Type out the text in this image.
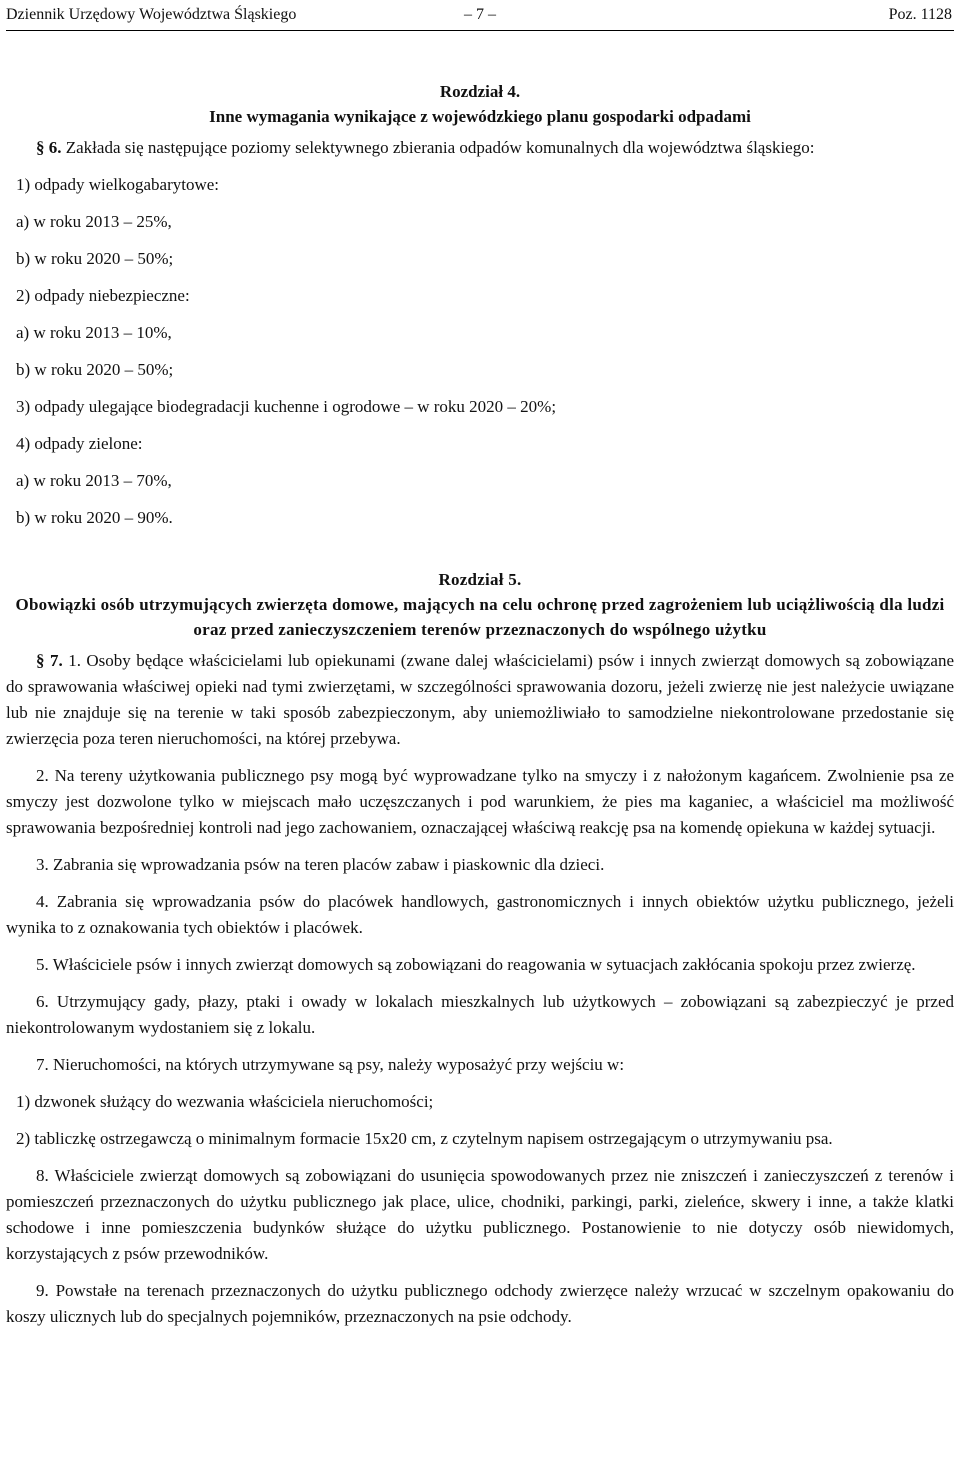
Dziennik Urzędowy Województwa Śląskiego	– 7 –	Poz. 1128
Rozdział 4.
Inne wymagania wynikające z wojewódzkiego planu gospodarki odpadami

§ 6. Zakłada się następujące poziomy selektywnego zbierania odpadów komunalnych dla województwa śląskiego:

1) odpady wielkogabarytowe:
a) w roku 2013 – 25%,
b) w roku 2020 – 50%;
2) odpady niebezpieczne:
a) w roku 2013 – 10%,
b) w roku 2020 – 50%;
3) odpady ulegające biodegradacji kuchenne i ogrodowe – w roku 2020 – 20%;
4) odpady zielone:
a) w roku 2013 – 70%,
b) w roku 2020 – 90%.
Rozdział 5.
Obowiązki osób utrzymujących zwierzęta domowe, mających na celu ochronę przed zagrożeniem lub uciążliwością dla ludzi oraz przed zanieczyszczeniem terenów przeznaczonych do wspólnego użytku

§ 7. 1. Osoby będące właścicielami lub opiekunami (zwane dalej właścicielami) psów i innych zwierząt domowych są zobowiązane do sprawowania właściwej opieki nad tymi zwierzętami, w szczególności sprawowania dozoru, jeżeli zwierzę nie jest należycie uwiązane lub nie znajduje się na terenie w taki sposób zabezpieczonym, aby uniemożliwiało to samodzielne niekontrolowane przedostanie się zwierzęcia poza teren nieruchomości, na której przebywa.

2. Na tereny użytkowania publicznego psy mogą być wyprowadzane tylko na smyczy i z nałożonym kagańcem. Zwolnienie psa ze smyczy jest dozwolone tylko w miejscach mało uczęszczanych i pod warunkiem, że pies ma kaganiec, a właściciel ma możliwość sprawowania bezpośredniej kontroli nad jego zachowaniem, oznaczającej właściwą reakcję psa na komendę opiekuna w każdej sytuacji.

3. Zabrania się wprowadzania psów na teren placów zabaw i piaskownic dla dzieci.

4. Zabrania się wprowadzania psów do placówek handlowych, gastronomicznych i innych obiektów użytku publicznego, jeżeli wynika to z oznakowania tych obiektów i placówek.

5. Właściciele psów i innych zwierząt domowych są zobowiązani do reagowania w sytuacjach zakłócania spokoju przez zwierzę.

6. Utrzymujący gady, płazy, ptaki i owady w lokalach mieszkalnych lub użytkowych – zobowiązani są zabezpieczyć je przed niekontrolowanym wydostaniem się z lokalu.

7. Nieruchomości, na których utrzymywane są psy, należy wyposażyć przy wejściu w:

1) dzwonek służący do wezwania właściciela nieruchomości;
2) tabliczkę ostrzegawczą o minimalnym formacie 15x20 cm, z czytelnym napisem ostrzegającym o utrzymywaniu psa.

8. Właściciele zwierząt domowych są zobowiązani do usunięcia spowodowanych przez nie zniszczeń i zanieczyszczeń z terenów i pomieszczeń przeznaczonych do użytku publicznego jak place, ulice, chodniki, parkingi, parki, zieleńce, skwery i inne, a także klatki schodowe i inne pomieszczenia budynków służące do użytku publicznego. Postanowienie to nie dotyczy osób niewidomych, korzystających z psów przewodników.

9. Powstałe na terenach przeznaczonych do użytku publicznego odchody zwierzęce należy wrzucać w szczelnym opakowaniu do koszy ulicznych lub do specjalnych pojemników, przeznaczonych na psie odchody.
